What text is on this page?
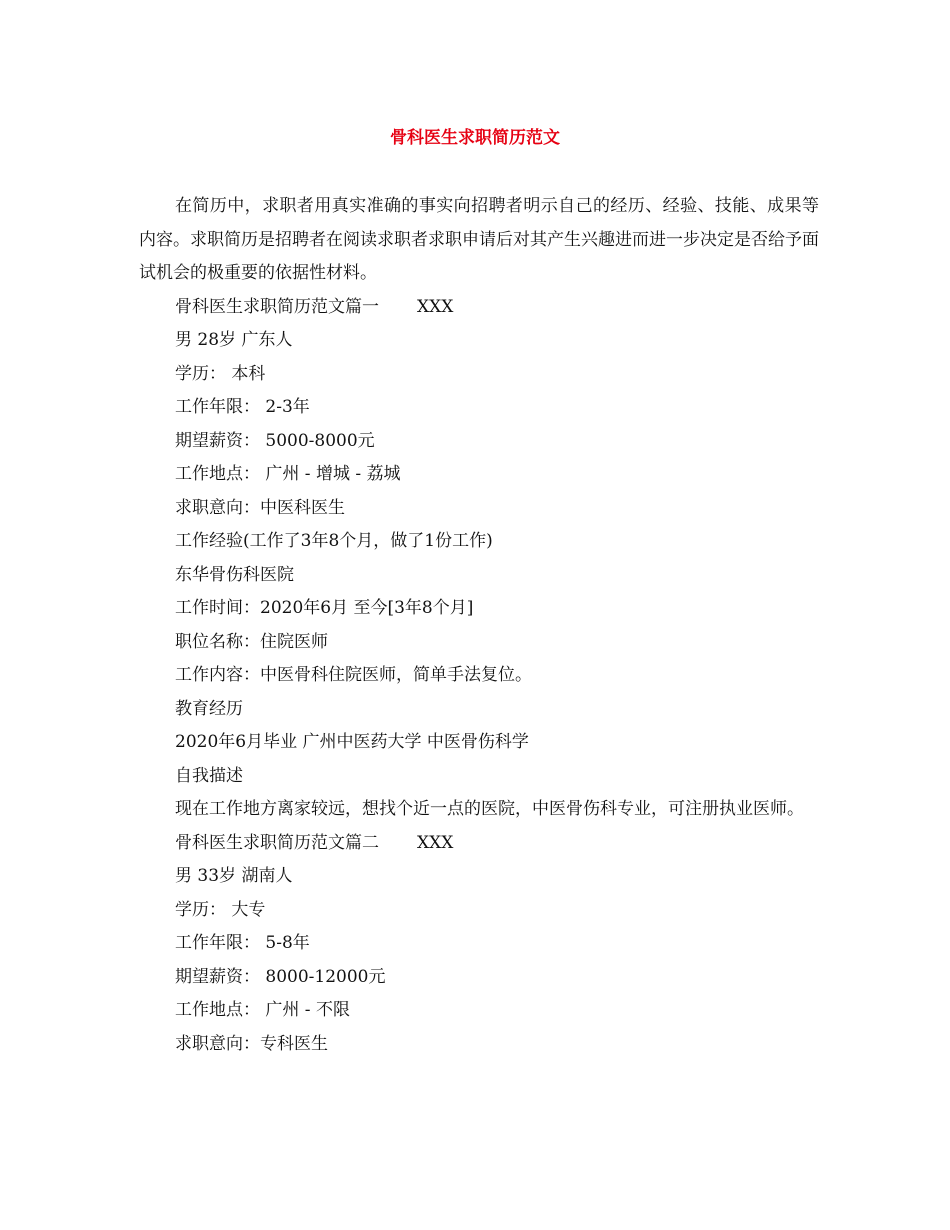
骨科医生求职简历范文

在简历中，求职者用真实准确的事实向招聘者明示自己的经历、经验、技能、成果等内容。求职简历是招聘者在阅读求职者求职申请后对其产生兴趣进而进一步决定是否给予面试机会的极重要的依据性材料。

骨科医生求职简历范文篇一 XXX
男 28岁 广东人
学历： 本科
工作年限： 2-3年
期望薪资： 5000-8000元
工作地点： 广州 - 增城 - 荔城
求职意向：中医科医生
工作经验(工作了3年8个月，做了1份工作)
东华骨伤科医院
工作时间：2020年6月 至今[3年8个月]
职位名称：住院医师
工作内容：中医骨科住院医师，简单手法复位。
教育经历
2020年6月毕业 广州中医药大学 中医骨伤科学
自我描述

现在工作地方离家较远，想找个近一点的医院，中医骨伤科专业，可注册执业医师。

骨科医生求职简历范文篇二 XXX
男 33岁 湖南人
学历： 大专
工作年限： 5-8年
期望薪资： 8000-12000元
工作地点： 广州 - 不限
求职意向：专科医生
